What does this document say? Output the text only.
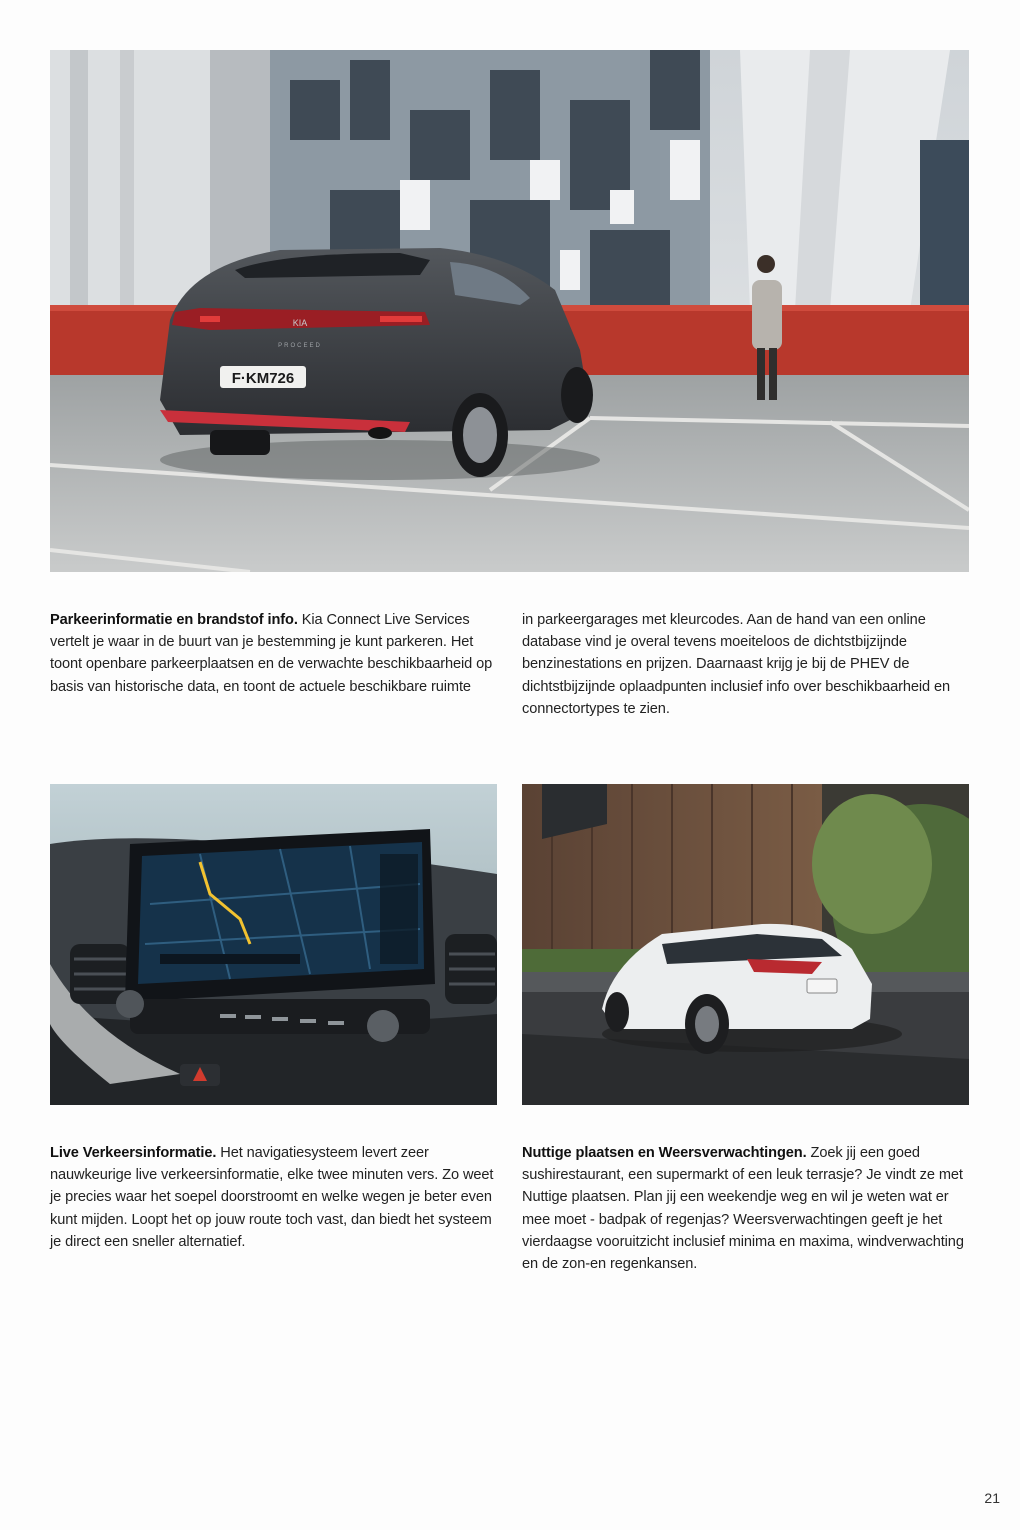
F·KM726
KIA
PROCEED
Parkeerinformatie en brandstof info. Kia Connect Live Services vertelt je waar in de buurt van je bestemming je kunt parkeren. Het toont openbare parkeerplaatsen en de verwachte beschikbaarheid op basis van historische data, en toont de actuele beschikbare ruimte
in parkeergarages met kleurcodes. Aan de hand van een online database vind je overal tevens moeiteloos de dichtstbijzijnde benzinestations en prijzen. Daarnaast krijg je bij de PHEV de dichtstbijzijnde oplaadpunten inclusief info over beschikbaarheid en connectortypes te zien.
Live Verkeersinformatie. Het navigatiesysteem levert zeer nauwkeurige live verkeersinformatie, elke twee minuten vers. Zo weet je precies waar het soepel doorstroomt en welke wegen je beter even kunt mijden. Loopt het op jouw route toch vast, dan biedt het systeem je direct een sneller alternatief.
Nuttige plaatsen en Weersverwachtingen. Zoek jij een goed sushirestaurant, een supermarkt of een leuk terrasje? Je vindt ze met Nuttige plaatsen. Plan jij een weekendje weg en wil je weten wat er mee moet - badpak of regenjas? Weersverwachtingen geeft je het vierdaagse vooruitzicht inclusief minima en maxima, windverwachting en de zon-en regenkansen.
21
